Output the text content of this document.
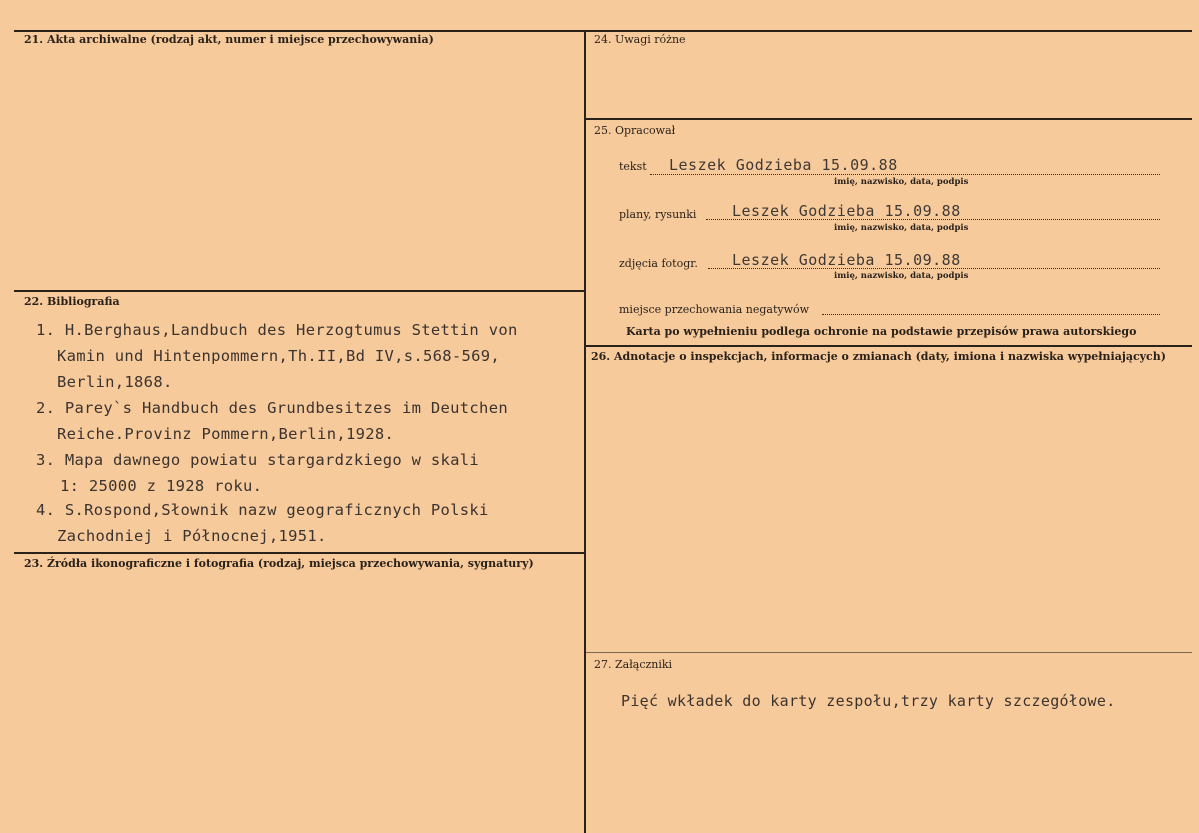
21. Akta archiwalne (rodzaj akt, numer i miejsce przechowywania)
22. Bibliografia
1. H.Berghaus,Landbuch des Herzogtumus Stettin von
Kamin und Hintenpommern,Th.II,Bd IV,s.568-569,
Berlin,1868.
2. Parey`s Handbuch des Grundbesitzes im Deutchen
Reiche.Provinz Pommern,Berlin,1928.
3. Mapa dawnego powiatu stargardzkiego w skali
1: 25000 z 1928 roku.
4. S.Rospond,Słownik nazw geograficznych Polski
Zachodniej i Północnej,1951.
23. Źródła ikonograficzne i fotografia (rodzaj, miejsca przechowywania, sygnatury)
24. Uwagi różne
25. Opracował
tekst Leszek Godzieba 15.09.88
imię, nazwisko, data, podpis
plany, rysunki Leszek Godzieba 15.09.88
imię, nazwisko, data, podpis
zdjęcia fotogr. Leszek Godzieba 15.09.88
imię, nazwisko, data, podpis
miejsce przechowania negatywów
Karta po wypełnieniu podlega ochronie na podstawie przepisów prawa autorskiego
26. Adnotacje o inspekcjach, informacje o zmianach (daty, imiona i nazwiska wypełniających)
27. Załączniki
Pięć wkładek do karty zespołu,trzy karty szczegółowe.
